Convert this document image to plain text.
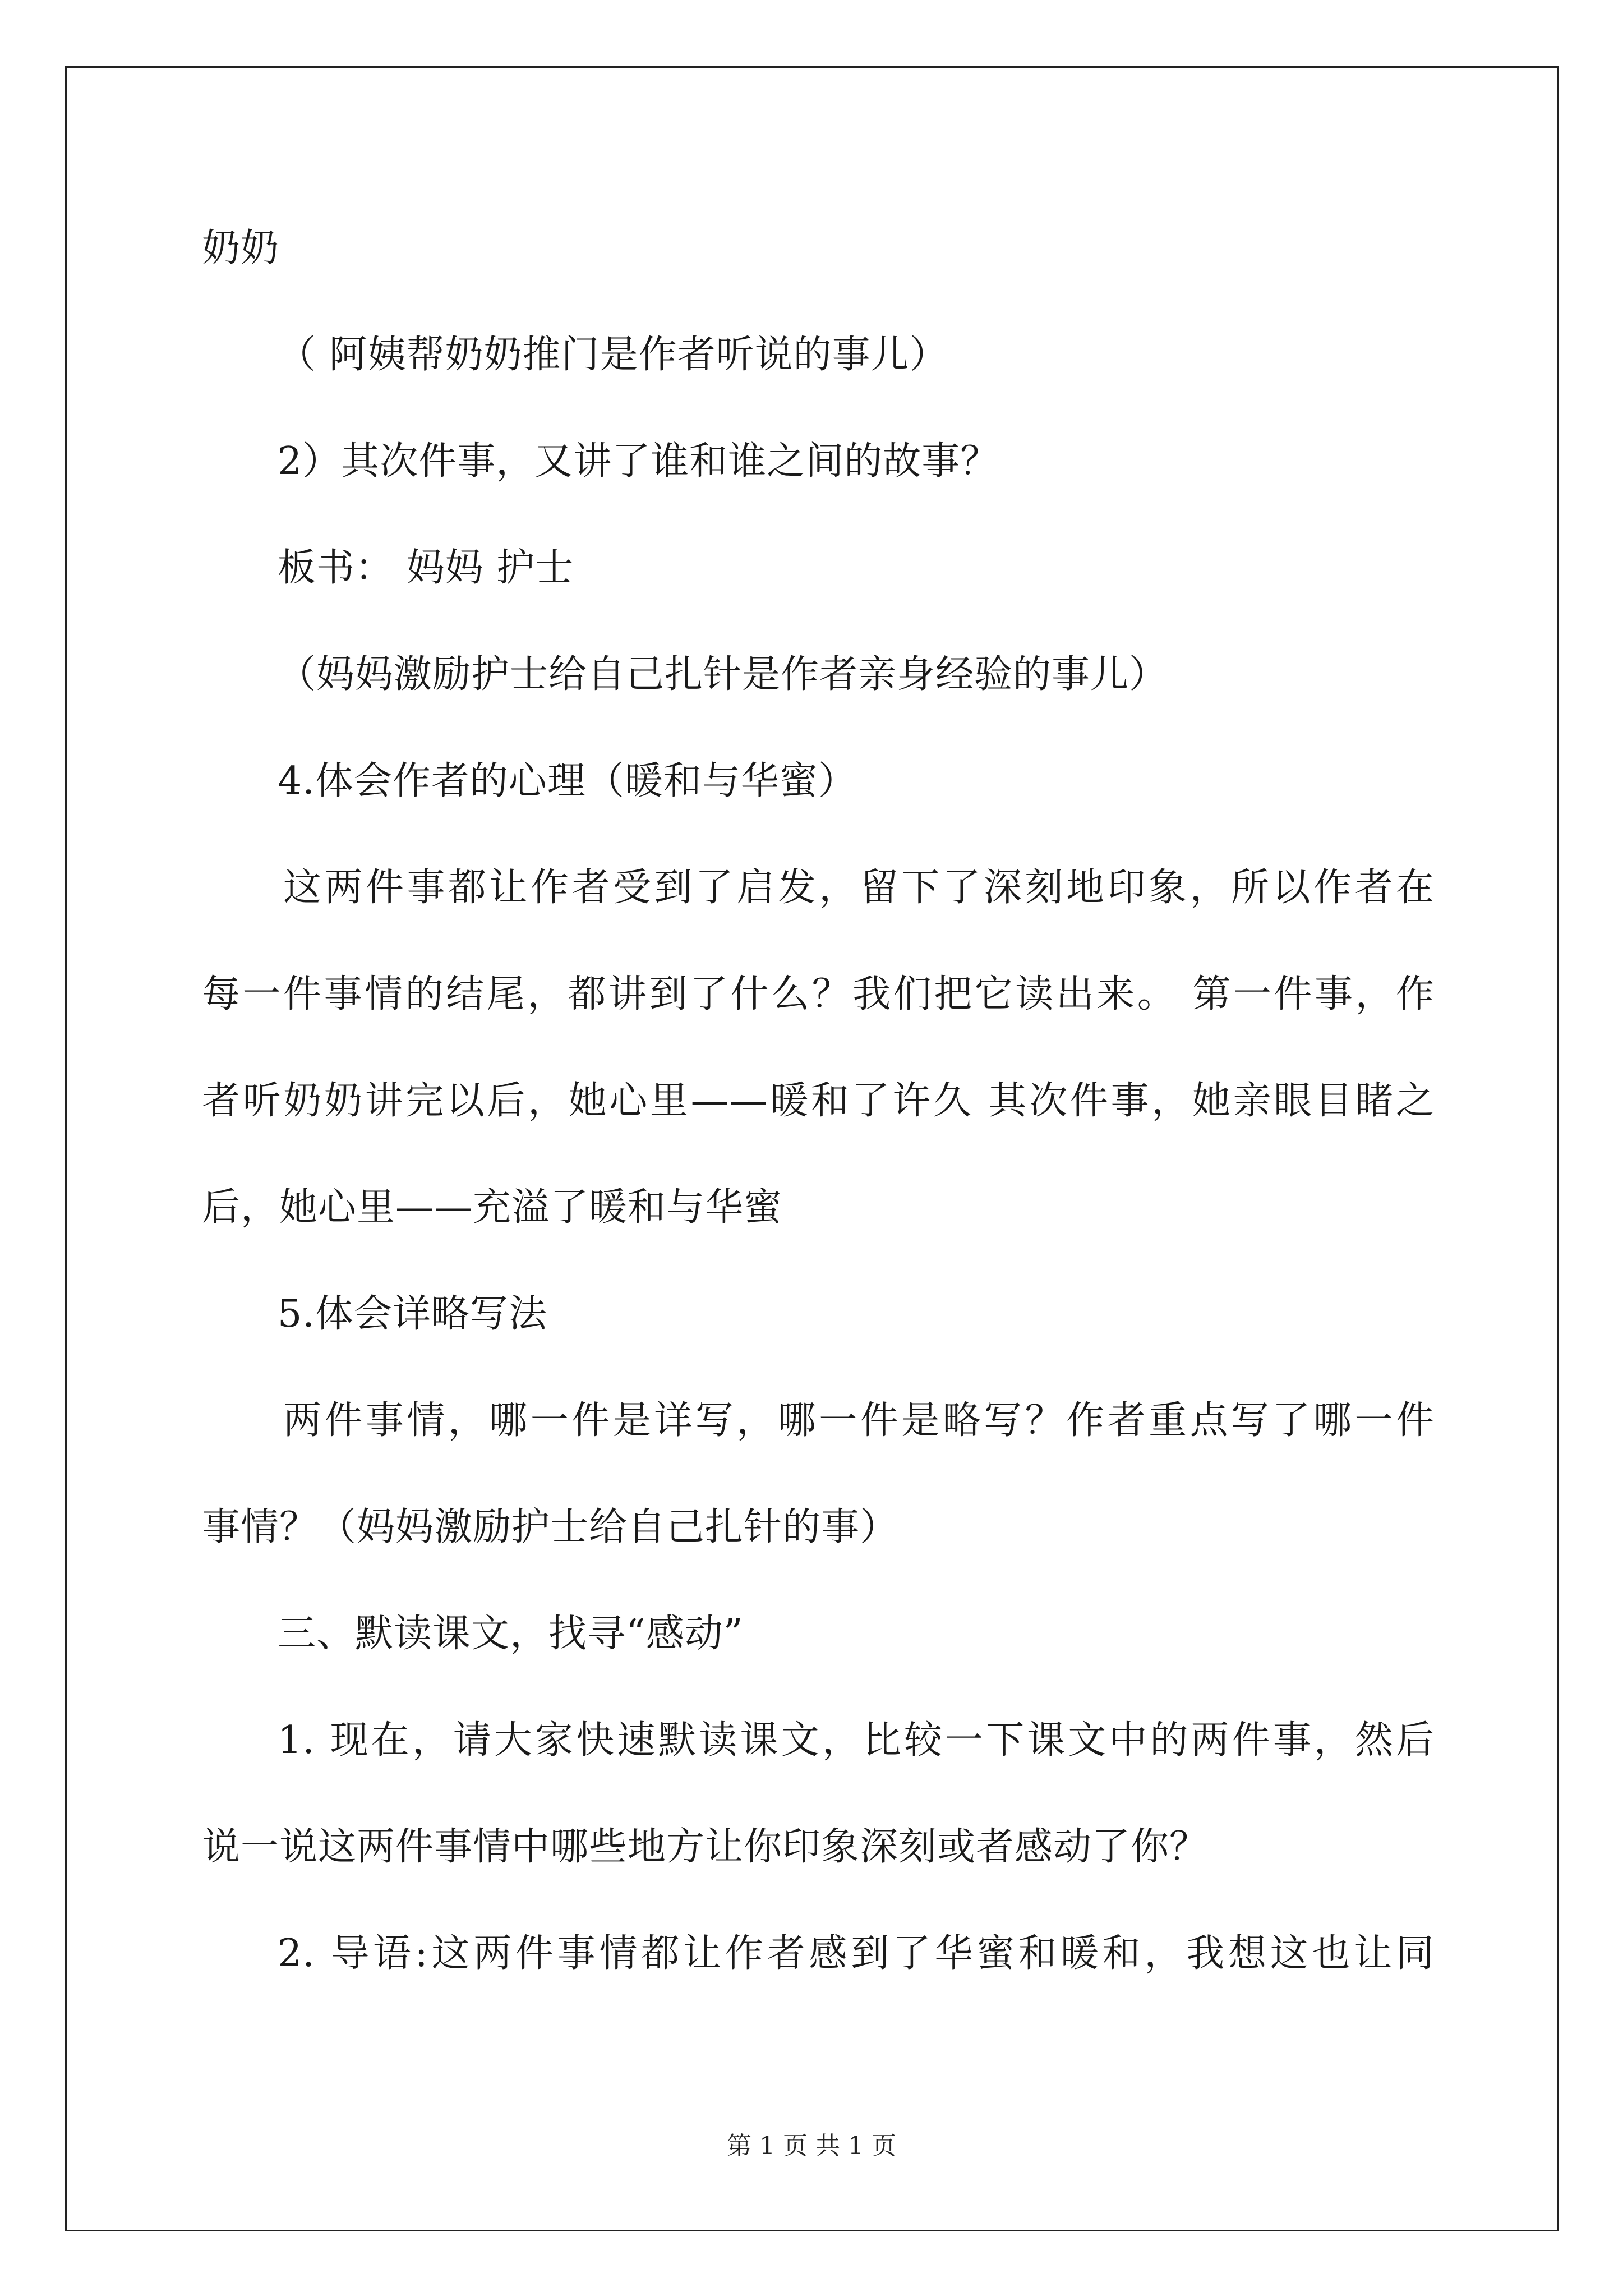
奶奶
（ 阿姨帮奶奶推门是作者听说的事儿）
2）其次件事，又讲了谁和谁之间的故事？
板书： 妈妈 护士
（妈妈激励护士给自己扎针是作者亲身经验的事儿）
4.体会作者的心理（暖和与华蜜）
这两件事都让作者受到了启发，留下了深刻地印象，所以作者在
每一件事情的结尾，都讲到了什么？我们把它读出来。 第一件事，作
者听奶奶讲完以后，她心里——暖和了许久 其次件事，她亲眼目睹之
后，她心里——充溢了暖和与华蜜
5.体会详略写法
两件事情，哪一件是详写，哪一件是略写？作者重点写了哪一件
事情？（妈妈激励护士给自己扎针的事）
三、默读课文，找寻“感动”
1. 现在，请大家快速默读课文，比较一下课文中的两件事，然后
说一说这两件事情中哪些地方让你印象深刻或者感动了你？
2. 导语:这两件事情都让作者感到了华蜜和暖和，我想这也让同
第 1 页 共 1 页
